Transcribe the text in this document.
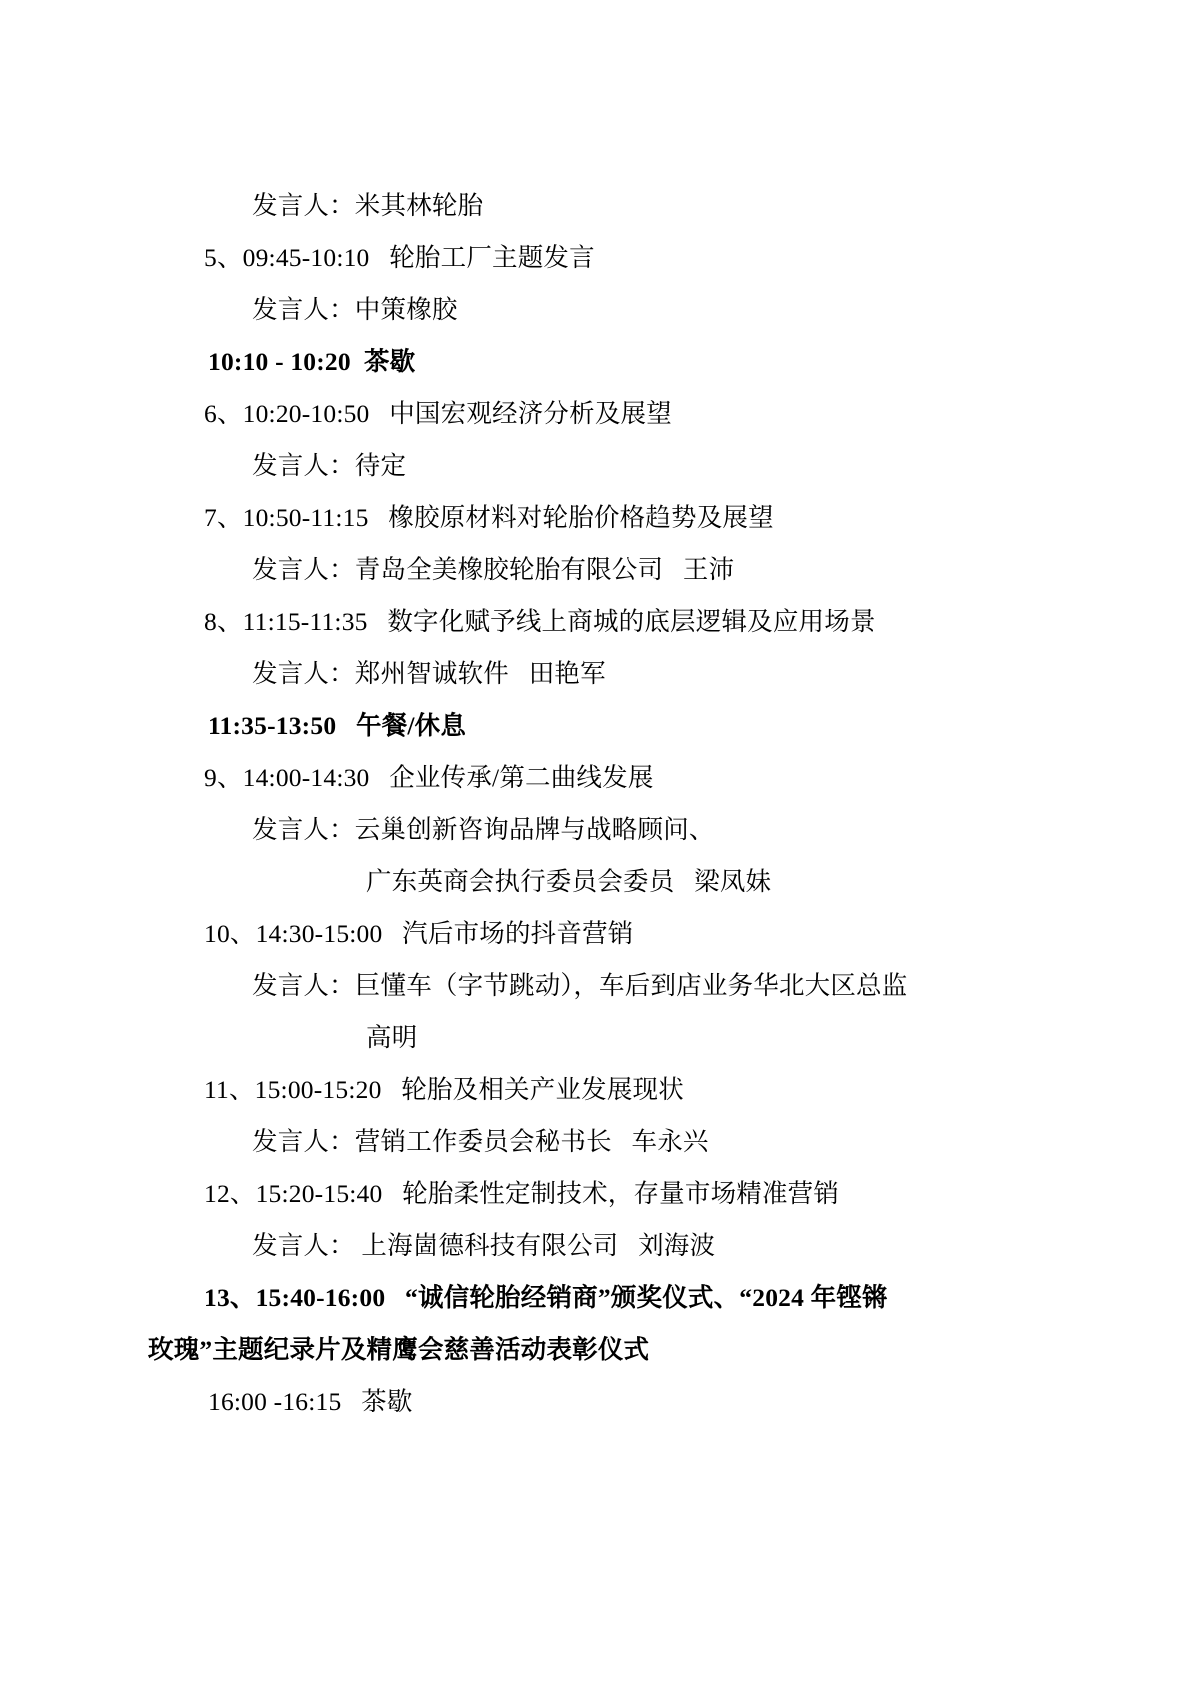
发言人：米其林轮胎
5、09:45-10:10   轮胎工厂主题发言
发言人：中策橡胶
10:10 - 10:20  茶歇
6、10:20-10:50   中国宏观经济分析及展望
发言人：待定
7、10:50-11:15   橡胶原材料对轮胎价格趋势及展望
发言人：青岛全美橡胶轮胎有限公司   王沛
8、11:15-11:35   数字化赋予线上商城的底层逻辑及应用场景
发言人：郑州智诚软件   田艳军
11:35-13:50   午餐/休息
9、14:00-14:30   企业传承/第二曲线发展
发言人：云巢创新咨询品牌与战略顾问、
广东英商会执行委员会委员   梁凤妹
10、14:30-15:00   汽后市场的抖音营销
发言人：巨懂车（字节跳动），车后到店业务华北大区总监
高明
11、15:00-15:20   轮胎及相关产业发展现状
发言人：营销工作委员会秘书长   车永兴
12、15:20-15:40   轮胎柔性定制技术，存量市场精准营销
发言人： 上海崮德科技有限公司   刘海波
13、15:40-16:00   “诚信轮胎经销商”颁奖仪式、“2024 年铿锵
玫瑰”主题纪录片及精鹰会慈善活动表彰仪式
16:00 -16:15   茶歇
